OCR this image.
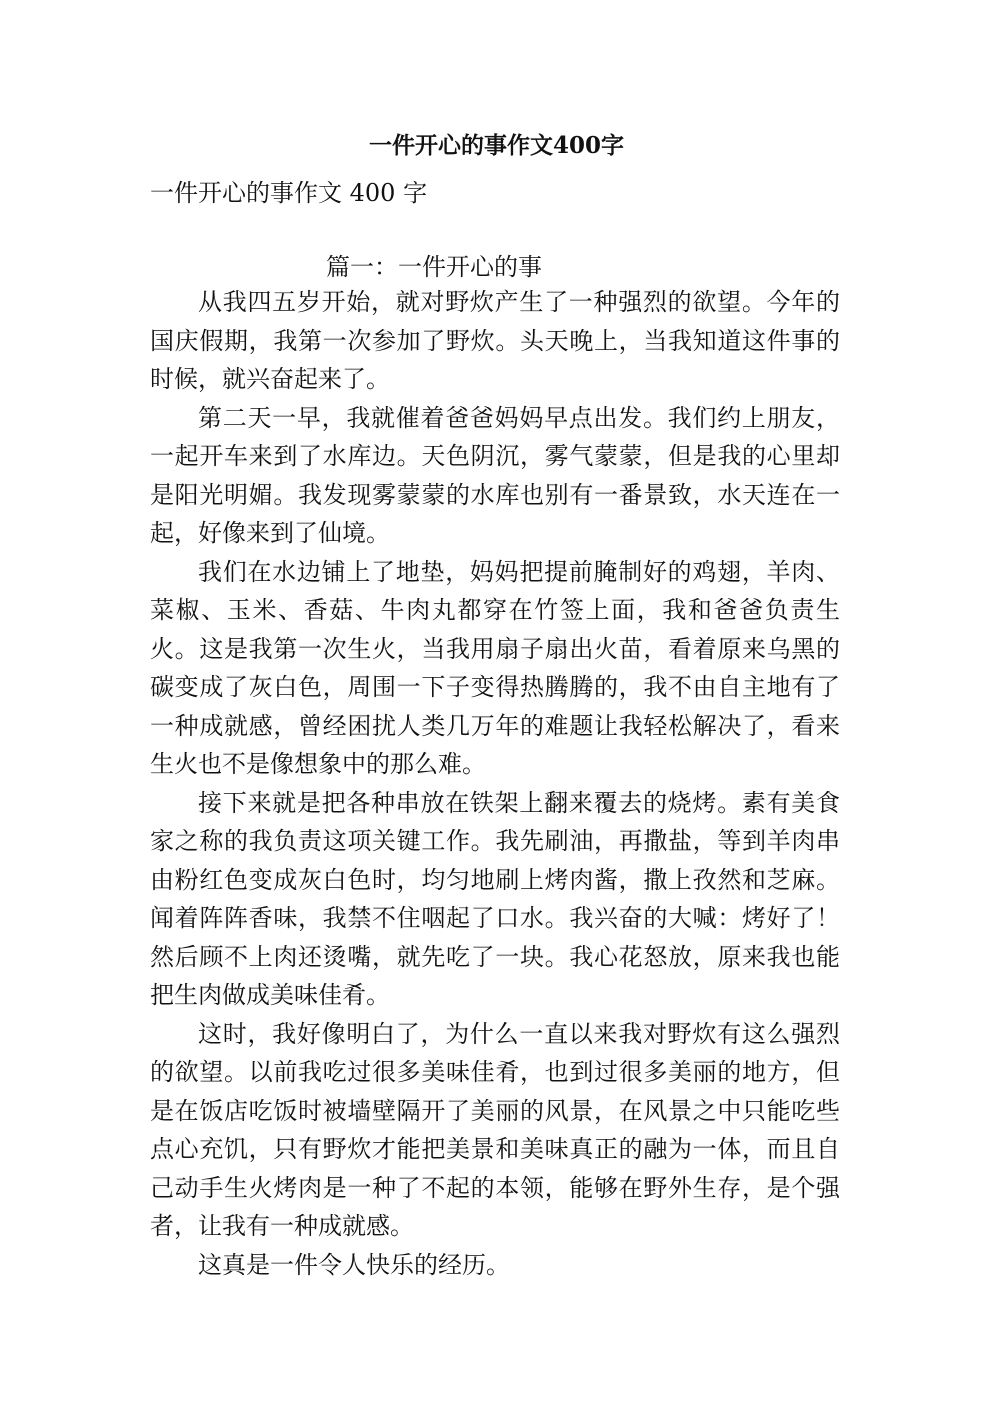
一件开心的事作文400字
一件开心的事作文 400 字
篇一：一件开心的事

从我四五岁开始，就对野炊产生了一种强烈的欲望。今年的国庆假期，我第一次参加了野炊。头天晚上，当我知道这件事的时候，就兴奋起来了。

第二天一早，我就催着爸爸妈妈早点出发。我们约上朋友，一起开车来到了水库边。天色阴沉，雾气蒙蒙，但是我的心里却是阳光明媚。我发现雾蒙蒙的水库也别有一番景致，水天连在一起，好像来到了仙境。

我们在水边铺上了地垫，妈妈把提前腌制好的鸡翅，羊肉、菜椒、玉米、香菇、牛肉丸都穿在竹签上面，我和爸爸负责生火。这是我第一次生火，当我用扇子扇出火苗，看着原来乌黑的碳变成了灰白色，周围一下子变得热腾腾的，我不由自主地有了一种成就感，曾经困扰人类几万年的难题让我轻松解决了，看来生火也不是像想象中的那么难。

接下来就是把各种串放在铁架上翻来覆去的烧烤。素有美食家之称的我负责这项关键工作。我先刷油，再撒盐，等到羊肉串由粉红色变成灰白色时，均匀地刷上烤肉酱，撒上孜然和芝麻。闻着阵阵香味，我禁不住咽起了口水。我兴奋的大喊：烤好了！然后顾不上肉还烫嘴，就先吃了一块。我心花怒放，原来我也能把生肉做成美味佳肴。

这时，我好像明白了，为什么一直以来我对野炊有这么强烈的欲望。以前我吃过很多美味佳肴，也到过很多美丽的地方，但是在饭店吃饭时被墙壁隔开了美丽的风景，在风景之中只能吃些点心充饥，只有野炊才能把美景和美味真正的融为一体，而且自己动手生火烤肉是一种了不起的本领，能够在野外生存，是个强者，让我有一种成就感。

这真是一件令人快乐的经历。
